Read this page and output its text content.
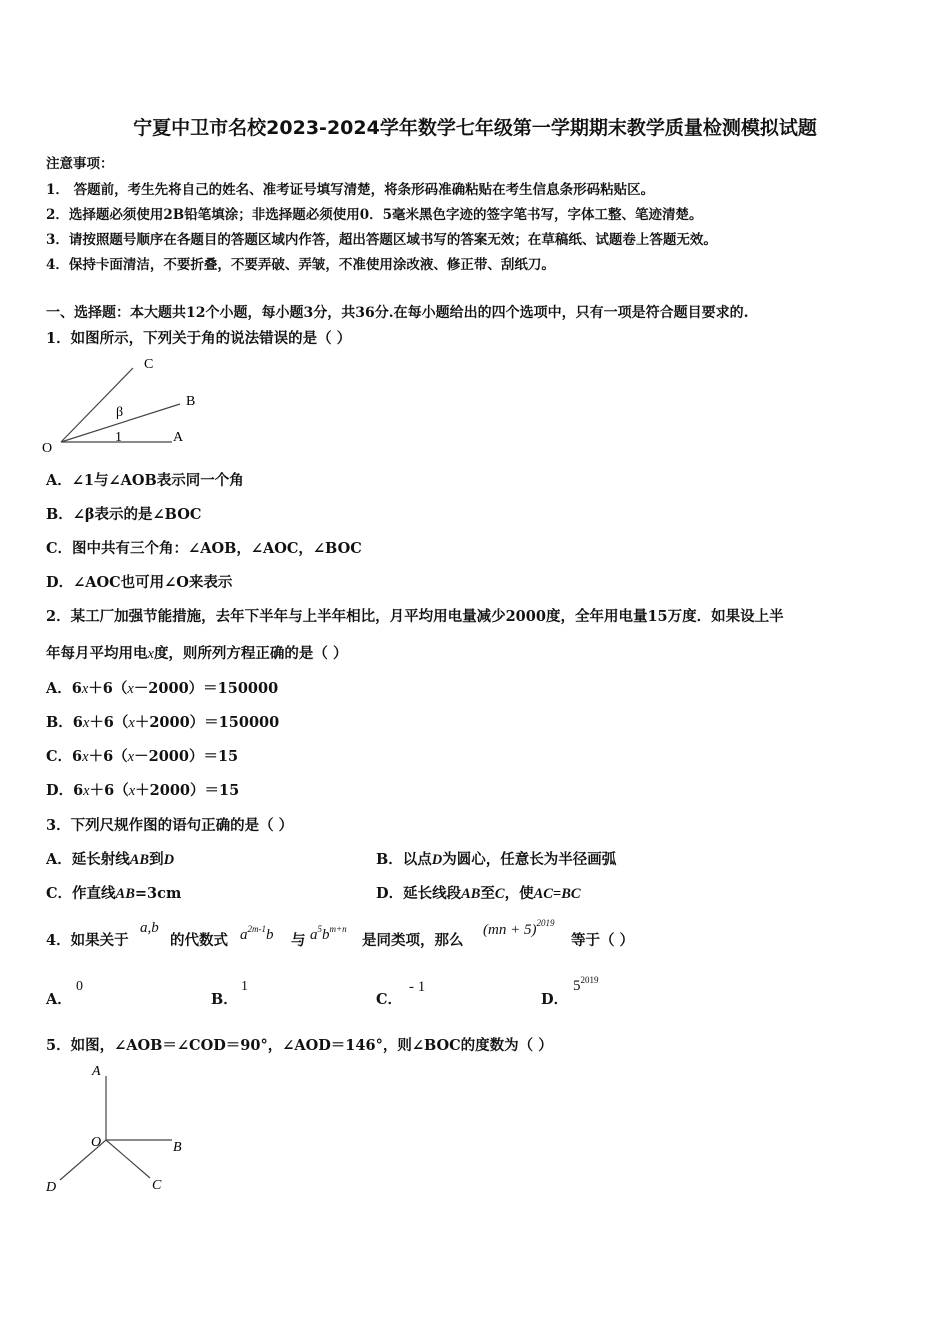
宁夏中卫市名校2023-2024学年数学七年级第一学期期末教学质量检测模拟试题
注意事项：
1． 答题前，考生先将自己的姓名、准考证号填写清楚，将条形码准确粘贴在考生信息条形码粘贴区。
2．选择题必须使用2B铅笔填涂；非选择题必须使用0．5毫米黑色字迹的签字笔书写，字体工整、笔迹清楚。
3．请按照题号顺序在各题目的答题区域内作答，超出答题区域书写的答案无效；在草稿纸、试题卷上答题无效。
4．保持卡面清洁，不要折叠，不要弄破、弄皱，不准使用涂改液、修正带、刮纸刀。
一、选择题：本大题共12个小题，每小题3分，共36分.在每小题给出的四个选项中，只有一项是符合题目要求的.
1．如图所示，下列关于角的说法错误的是（ ）
C
B
β
O
1	A
A．∠1与∠AOB表示同一个角
B．∠β表示的是∠BOC
C．图中共有三个角：∠AOB，∠AOC，∠BOC
D．∠AOC也可用∠O来表示
2．某工厂加强节能措施，去年下半年与上半年相比，月平均用电量减少2000度，全年用电量15万度．如果设上半
年每月平均用电x度，则所列方程正确的是（ ）
A．6x＋6（x－2000）＝150000
B．6x＋6（x＋2000）＝150000
C．6x＋6（x－2000）＝15
D．6x＋6（x＋2000）＝15
3．下列尺规作图的语句正确的是（ ）
A．延长射线AB到D	B．以点D为圆心，任意长为半径画弧
C．作直线AB=3cm	D．延长线段AB至C，使AC=BC
4．如果关于
a,b
的代数式 $a^{2m-1}b$ 与 $a^5b^{m+n}$
是同类项，那么
(mn + 5)$^{2019}$
等于（ ）
A．
0
B．
1
C．
- 1
D．
$5^{2019}$
5．如图，∠AOB＝∠COD＝90°，∠AOD＝146°，则∠BOC的度数为（ ）
A
O	B
D	C
